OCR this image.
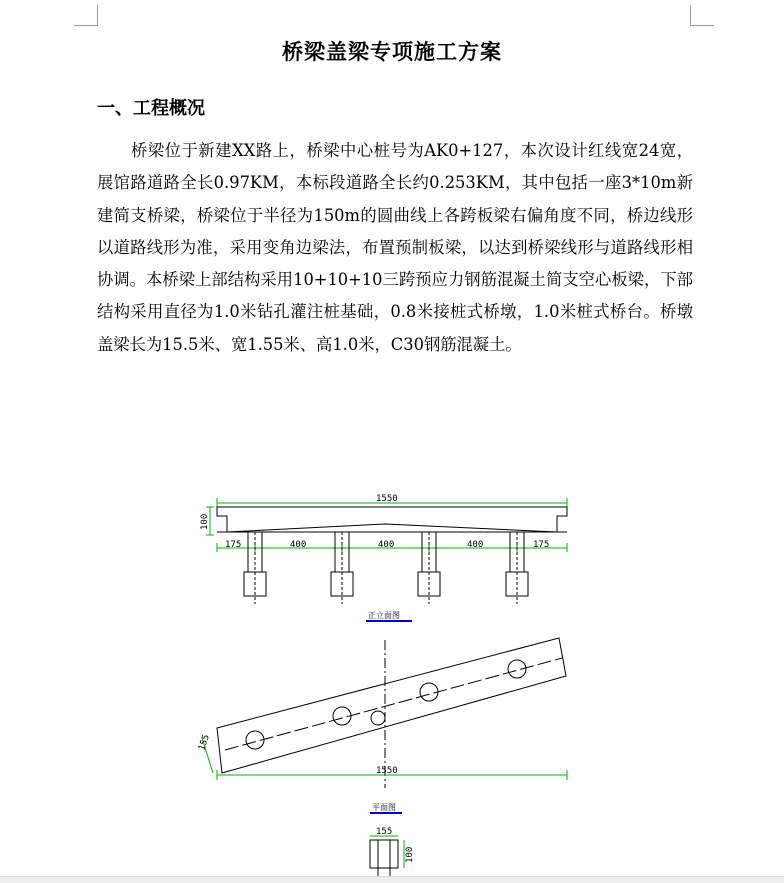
桥梁盖梁专项施工方案
一、工程概况
桥梁位于新建XX路上，桥梁中心桩号为AK0+127，本次设计红线宽24宽，展馆路道路全长0.97KM，本标段道路全长约0.253KM，其中包括一座3*10m新建简支桥梁，桥梁位于半径为150m的圆曲线上各跨板梁右偏角度不同，桥边线形以道路线形为准，采用变角边梁法，布置预制板梁，以达到桥梁线形与道路线形相协调。本桥梁上部结构采用10+10+10三跨预应力钢筋混凝土简支空心板梁，下部结构采用直径为1.0米钻孔灌注桩基础，0.8米接桩式桥墩，1.0米桩式桥台。桥墩盖梁长为15.5米、宽1.55米、高1.0米，C30钢筋混凝土。
1550
100
175	400	400	400	175
正立面图
155
1550
平面图
155
100
